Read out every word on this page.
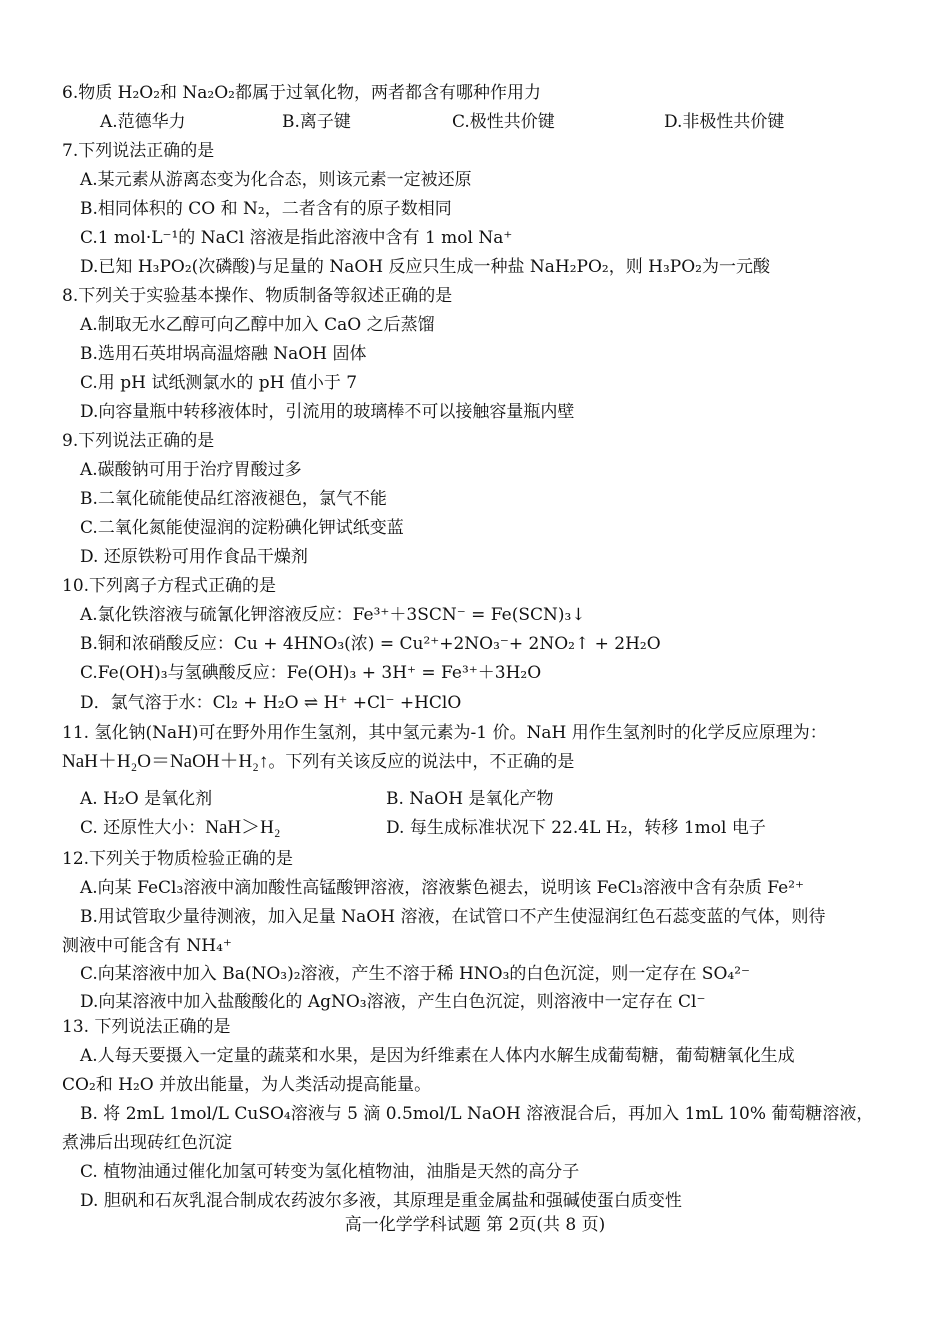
6.物质 H₂O₂和 Na₂O₂都属于过氧化物，两者都含有哪种作用力
A.范德华力	B.离子键	C.极性共价键	D.非极性共价键
7.下列说法正确的是
A.某元素从游离态变为化合态，则该元素一定被还原
B.相同体积的 CO 和 N₂，二者含有的原子数相同
C.1 mol·L⁻¹的 NaCl 溶液是指此溶液中含有 1 mol Na⁺
D.已知 H₃PO₂(次磷酸)与足量的 NaOH 反应只生成一种盐 NaH₂PO₂，则 H₃PO₂为一元酸
8.下列关于实验基本操作、物质制备等叙述正确的是
A.制取无水乙醇可向乙醇中加入 CaO 之后蒸馏
B.选用石英坩埚高温熔融 NaOH 固体
C.用 pH 试纸测氯水的 pH 值小于 7
D.向容量瓶中转移液体时，引流用的玻璃棒不可以接触容量瓶内壁
9.下列说法正确的是
A.碳酸钠可用于治疗胃酸过多
B.二氧化硫能使品红溶液褪色，氯气不能
C.二氧化氮能使湿润的淀粉碘化钾试纸变蓝
D. 还原铁粉可用作食品干燥剂
10.下列离子方程式正确的是
A.氯化铁溶液与硫氰化钾溶液反应：Fe³⁺＋3SCN⁻ = Fe(SCN)₃↓
B.铜和浓硝酸反应：Cu + 4HNO₃(浓) = Cu²⁺+2NO₃⁻+ 2NO₂↑ + 2H₂O
C.Fe(OH)₃与氢碘酸反应：Fe(OH)₃ + 3H⁺ = Fe³⁺＋3H₂O
D．氯气溶于水：Cl₂ + H₂O ⇌ H⁺ +Cl⁻ +HClO
11. 氢化钠(NaH)可在野外用作生氢剂，其中氢元素为-1 价。NaH 用作生氢剂时的化学反应原理为：
NaH＋H₂O＝NaOH＋H₂↑。下列有关该反应的说法中，不正确的是
A. H₂O 是氧化剂	B. NaOH 是氧化产物
C. 还原性大小：NaH＞H₂	D. 每生成标准状况下 22.4L H₂，转移 1mol 电子
12.下列关于物质检验正确的是
A.向某 FeCl₃溶液中滴加酸性高锰酸钾溶液，溶液紫色褪去，说明该 FeCl₃溶液中含有杂质 Fe²⁺
B.用试管取少量待测液，加入足量 NaOH 溶液，在试管口不产生使湿润红色石蕊变蓝的气体，则待
测液中可能含有 NH₄⁺
C.向某溶液中加入 Ba(NO₃)₂溶液，产生不溶于稀 HNO₃的白色沉淀，则一定存在 SO₄²⁻
D.向某溶液中加入盐酸酸化的 AgNO₃溶液，产生白色沉淀，则溶液中一定存在 Cl⁻
13. 下列说法正确的是
A.人每天要摄入一定量的蔬菜和水果，是因为纤维素在人体内水解生成葡萄糖，葡萄糖氧化生成
CO₂和 H₂O 并放出能量，为人类活动提高能量。
B. 将 2mL 1mol/L CuSO₄溶液与 5 滴 0.5mol/L NaOH 溶液混合后，再加入 1mL 10% 葡萄糖溶液，
煮沸后出现砖红色沉淀
C. 植物油通过催化加氢可转变为氢化植物油，油脂是天然的高分子
D. 胆矾和石灰乳混合制成农药波尔多液，其原理是重金属盐和强碱使蛋白质变性
高一化学学科试题 第 2页(共 8 页)
